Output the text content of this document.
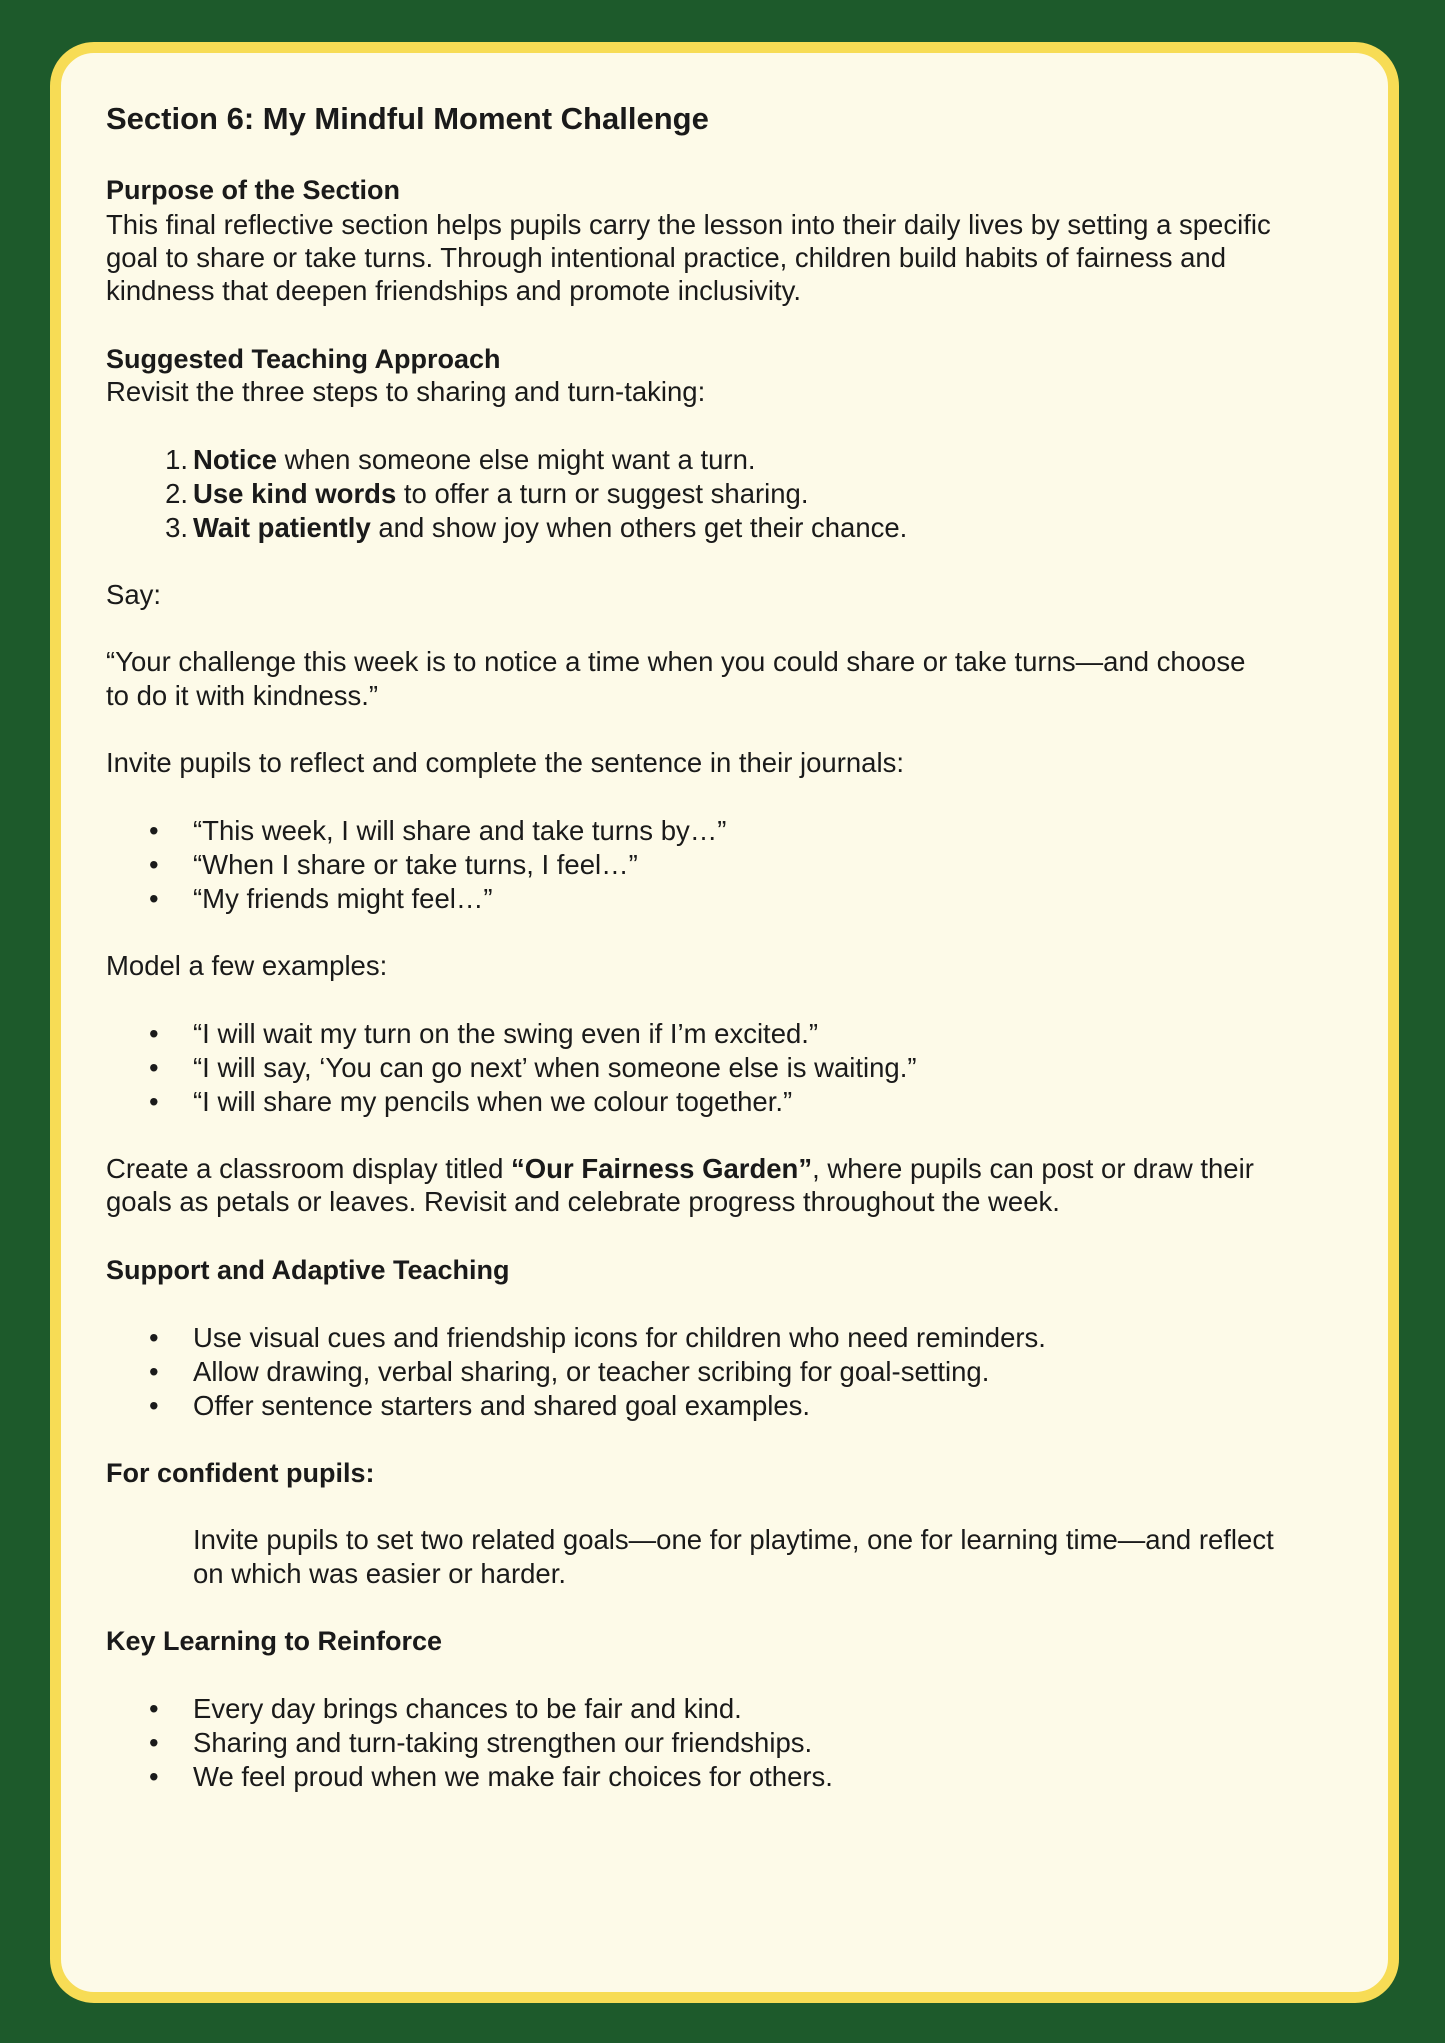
Section 6: My Mindful Moment Challenge
Purpose of the Section
This final reflective section helps pupils carry the lesson into their daily lives by setting a specific
goal to share or take turns. Through intentional practice, children build habits of fairness and
kindness that deepen friendships and promote inclusivity.
Suggested Teaching Approach
Revisit the three steps to sharing and turn-taking:
1. Notice when someone else might want a turn.
2. Use kind words to offer a turn or suggest sharing.
3. Wait patiently and show joy when others get their chance.
Say:
“Your challenge this week is to notice a time when you could share or take turns—and choose
to do it with kindness.”
Invite pupils to reflect and complete the sentence in their journals:
• “This week, I will share and take turns by…”
• “When I share or take turns, I feel…”
• “My friends might feel…”
Model a few examples:
• “I will wait my turn on the swing even if I’m excited.”
• “I will say, ‘You can go next’ when someone else is waiting.”
• “I will share my pencils when we colour together.”
Create a classroom display titled “Our Fairness Garden”, where pupils can post or draw their
goals as petals or leaves. Revisit and celebrate progress throughout the week.
Support and Adaptive Teaching
• Use visual cues and friendship icons for children who need reminders.
• Allow drawing, verbal sharing, or teacher scribing for goal-setting.
• Offer sentence starters and shared goal examples.
For confident pupils:
Invite pupils to set two related goals—one for playtime, one for learning time—and reflect
on which was easier or harder.
Key Learning to Reinforce
• Every day brings chances to be fair and kind.
• Sharing and turn-taking strengthen our friendships.
• We feel proud when we make fair choices for others.
